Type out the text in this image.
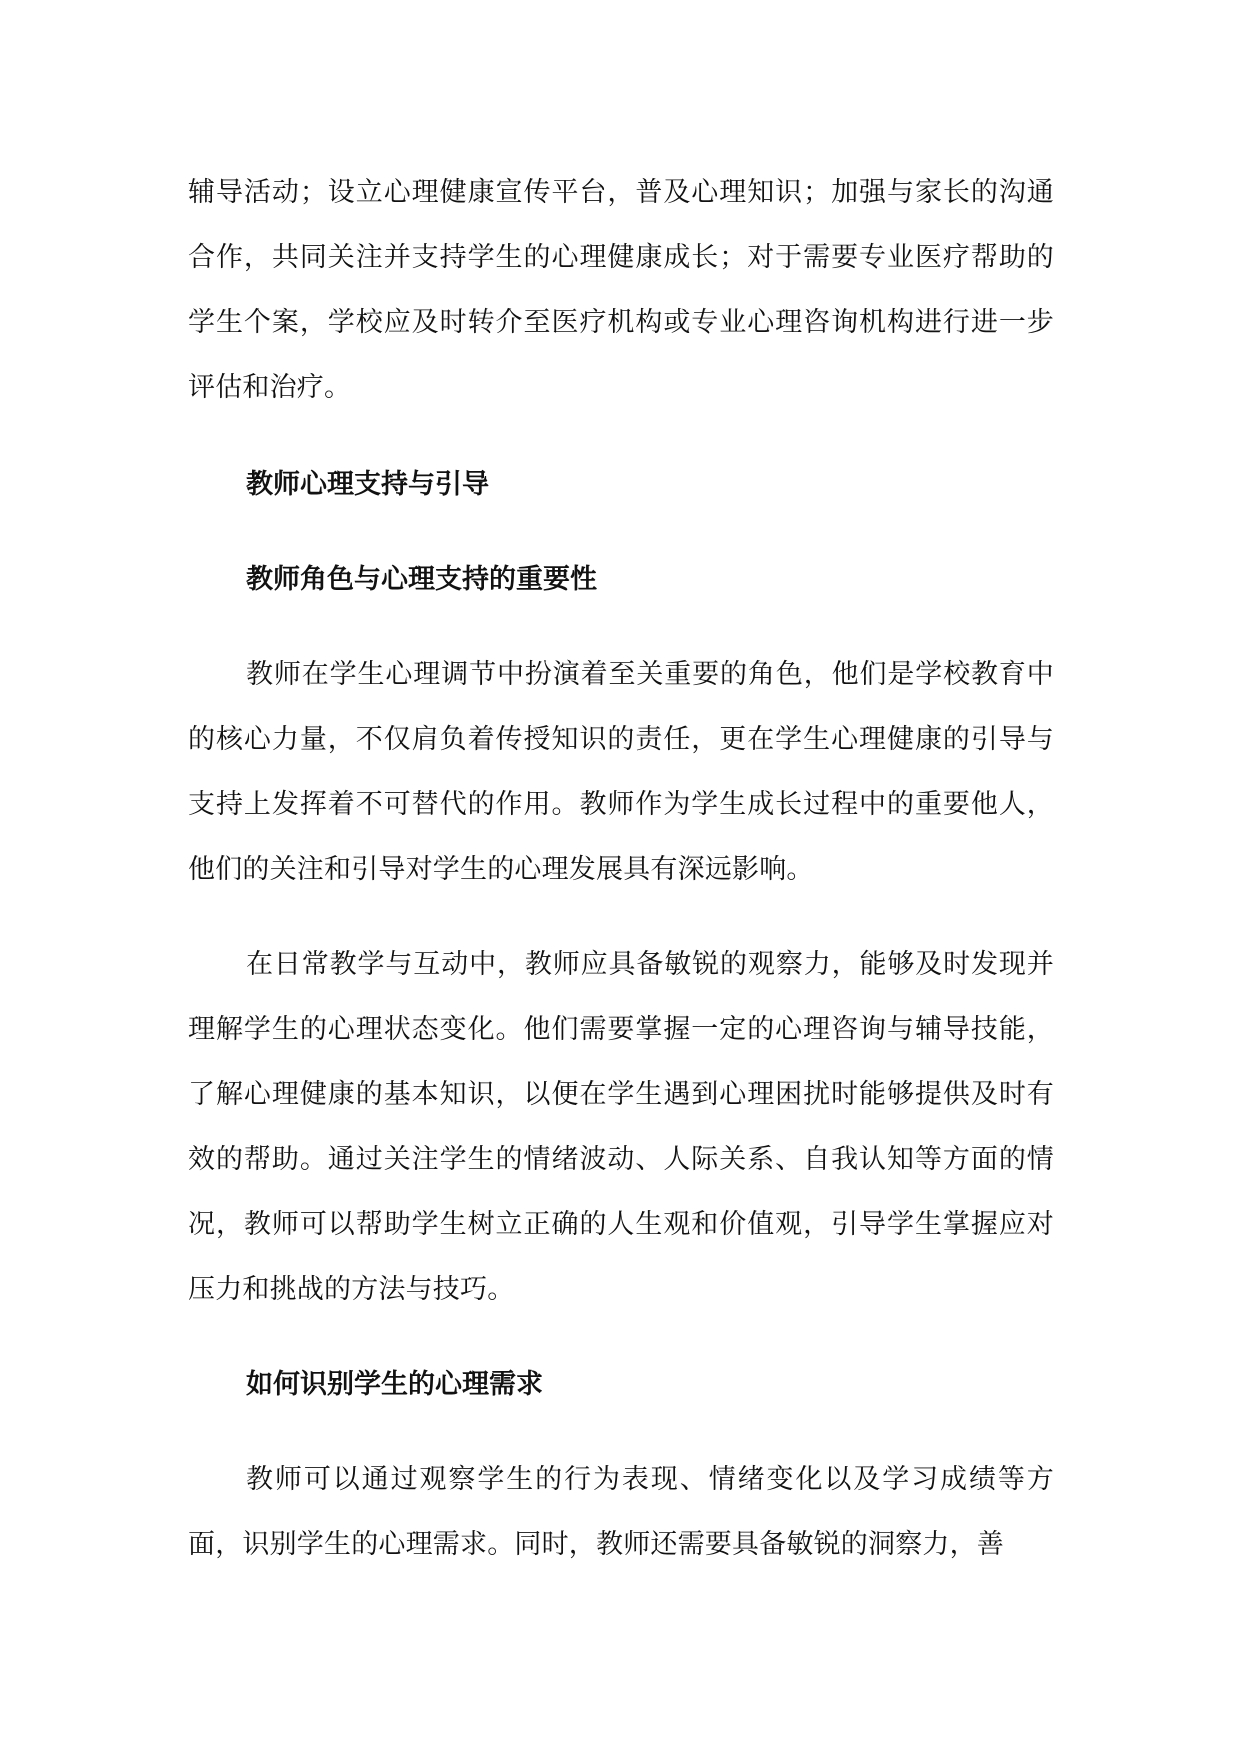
辅导活动；设立心理健康宣传平台，普及心理知识；加强与家长的沟通合作，共同关注并支持学生的心理健康成长；对于需要专业医疗帮助的学生个案，学校应及时转介至医疗机构或专业心理咨询机构进行进一步评估和治疗。

教师心理支持与引导
教师角色与心理支持的重要性

教师在学生心理调节中扮演着至关重要的角色，他们是学校教育中的核心力量，不仅肩负着传授知识的责任，更在学生心理健康的引导与支持上发挥着不可替代的作用。教师作为学生成长过程中的重要他人，他们的关注和引导对学生的心理发展具有深远影响。

在日常教学与互动中，教师应具备敏锐的观察力，能够及时发现并理解学生的心理状态变化。他们需要掌握一定的心理咨询与辅导技能，了解心理健康的基本知识，以便在学生遇到心理困扰时能够提供及时有效的帮助。通过关注学生的情绪波动、人际关系、自我认知等方面的情况，教师可以帮助学生树立正确的人生观和价值观，引导学生掌握应对压力和挑战的方法与技巧。

如何识别学生的心理需求

教师可以通过观察学生的行为表现、情绪变化以及学习成绩等方面，识别学生的心理需求。同时，教师还需要具备敏锐的洞察力，善
